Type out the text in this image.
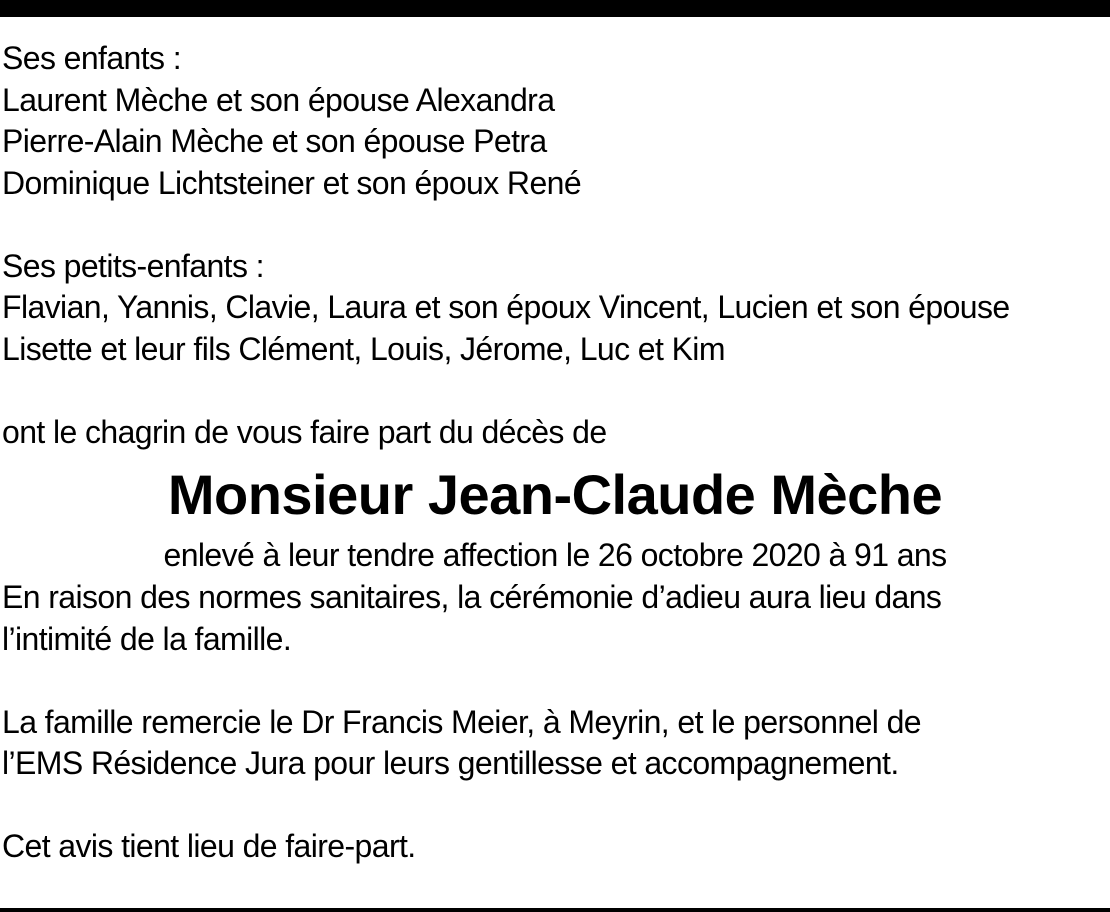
Ses enfants :
Laurent Mèche et son épouse Alexandra
Pierre-Alain Mèche et son épouse Petra
Dominique Lichtsteiner et son époux René
Ses petits-enfants :
Flavian, Yannis, Clavie, Laura et son époux Vincent, Lucien et son épouse
Lisette et leur fils Clément, Louis, Jérome, Luc et Kim
ont le chagrin de vous faire part du décès de
Monsieur Jean-Claude Mèche
enlevé à leur tendre affection le 26 octobre 2020 à 91 ans
En raison des normes sanitaires, la cérémonie d’adieu aura lieu dans
l’intimité de la famille.
La famille remercie le Dr Francis Meier, à Meyrin, et le personnel de
l’EMS Résidence Jura pour leurs gentillesse et accompagnement.
Cet avis tient lieu de faire-part.
